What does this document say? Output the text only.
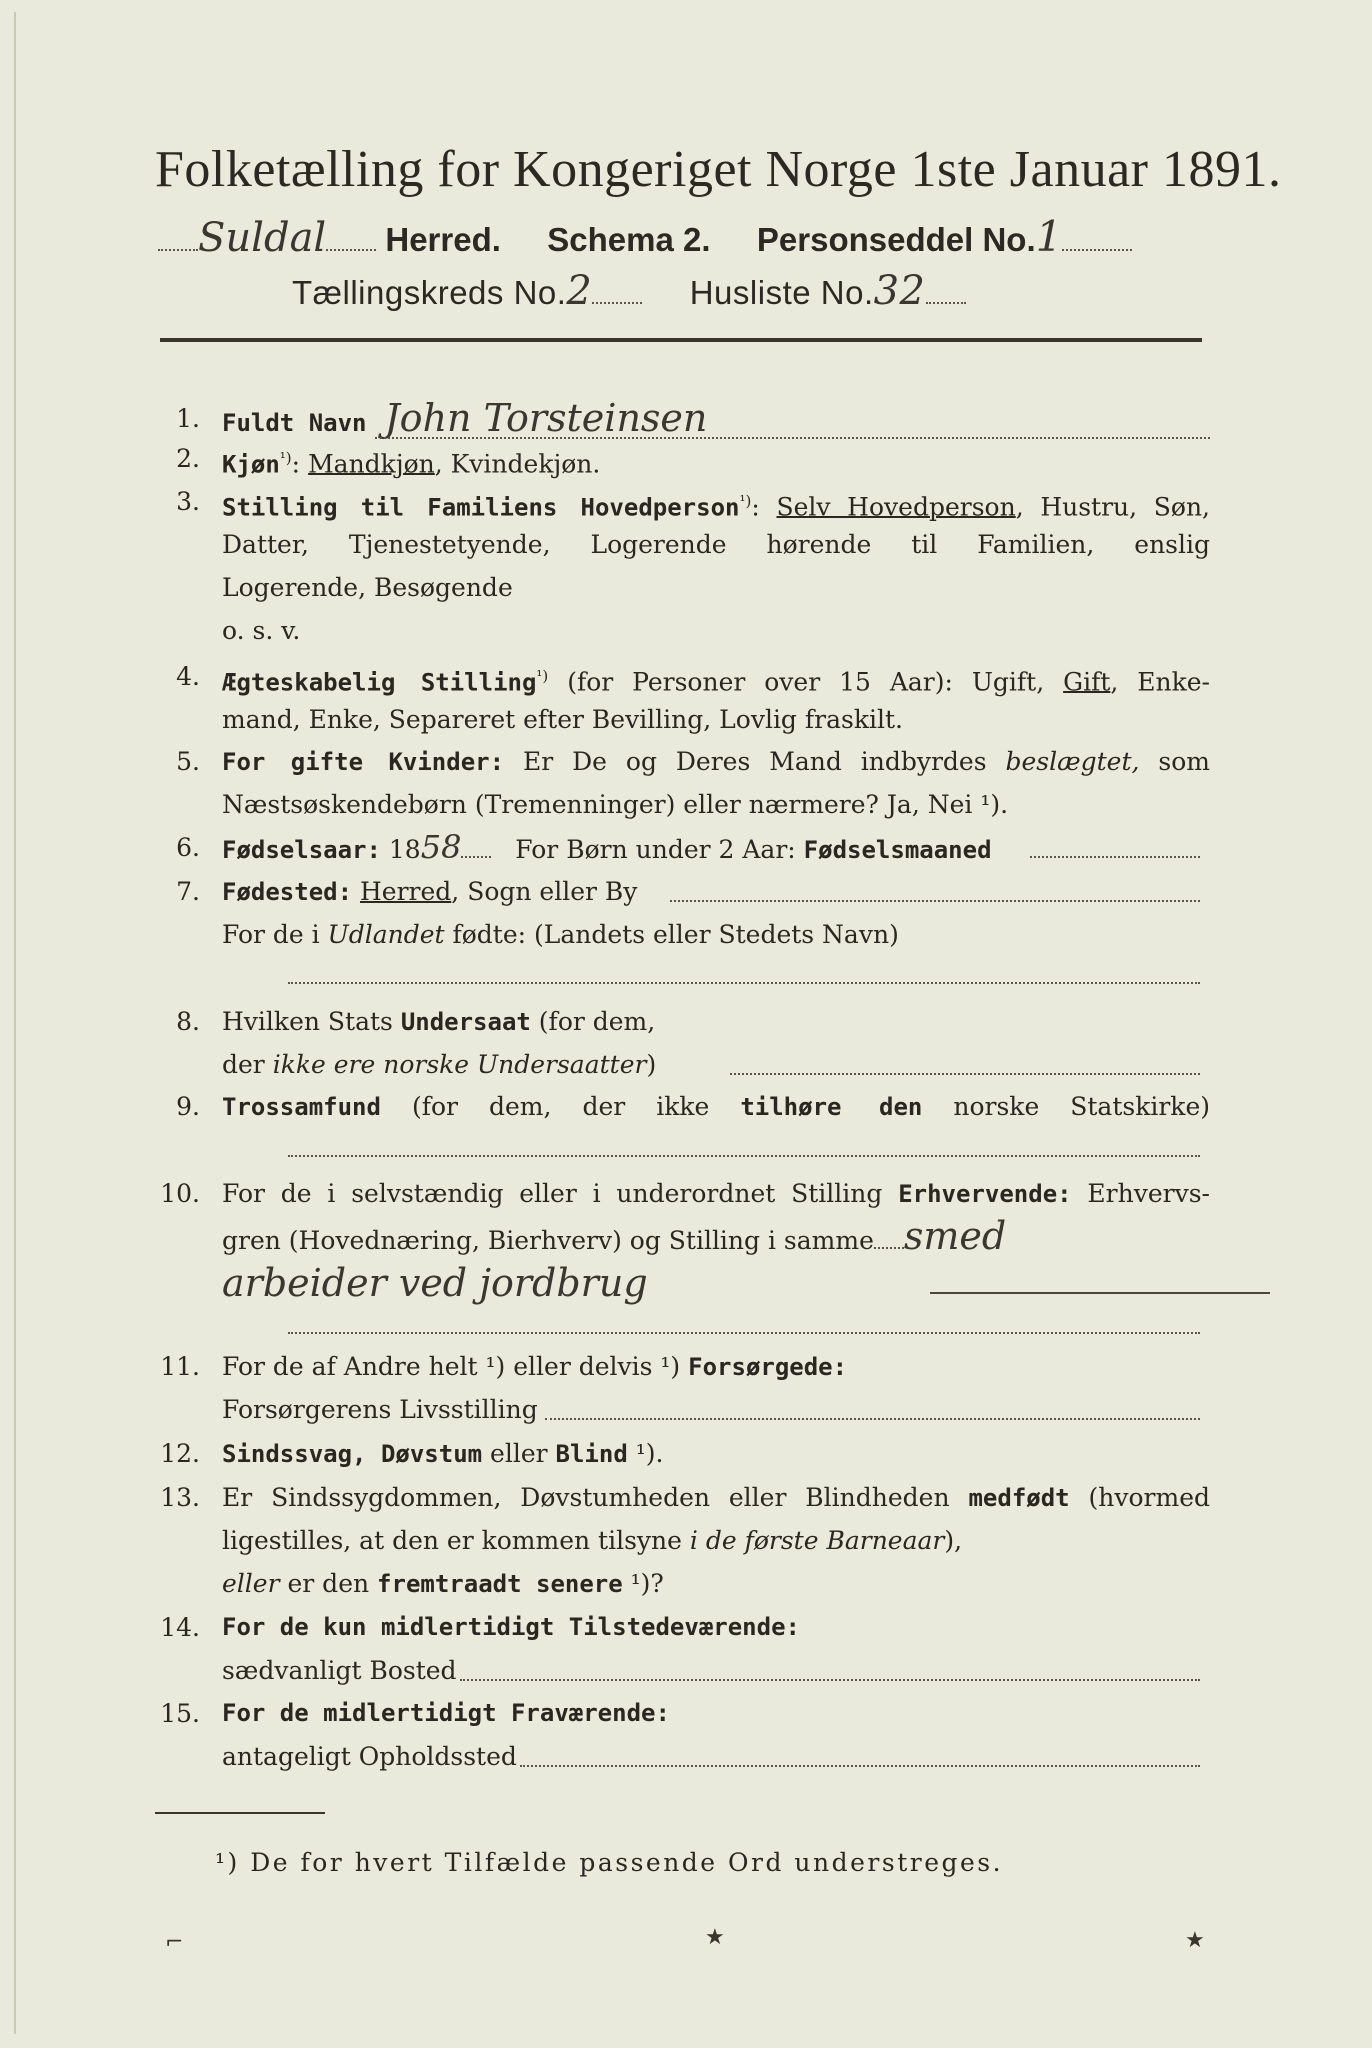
Folketælling for Kongeriget Norge 1ste Januar 1891.
Suldal Herred. Schema 2. Personseddel No.1
Tællingskreds No.2	Husliste No.32
1. Fuldt Navn John Torsteinsen
2. Kjøn$^{^1)}$: Mandkjøn, Kvindekjøn.
3. Stilling til Familiens Hovedperson$^{^1)}$: Selv Hovedperson, Hustru, Søn,
Datter, Tjenestetyende, Logerende hørende til Familien, enslig
Logerende, Besøgende
o. s. v.
4. Ægteskabelig Stilling$^{^1)}$ (for Personer over 15 Aar): Ugift, Gift, Enke-
mand, Enke, Separeret efter Bevilling, Lovlig fraskilt.
5. For gifte Kvinder: Er De og Deres Mand indbyrdes beslægtet, som
Næstsøskendebørn (Tremenninger) eller nærmere? Ja, Nei ¹).
6. Fødselsaar: 1858 For Børn under 2 Aar: Fødselsmaaned
7. Fødested: Herred, Sogn eller By
For de i Udlandet fødte: (Landets eller Stedets Navn)
8. Hvilken Stats Undersaat (for dem,
der ikke ere norske Undersaatter)
9. Trossamfund (for dem, der ikke tilhøre den norske Statskirke)
10. For de i selvstændig eller i underordnet Stilling Erhvervende: Erhvervs-
gren (Hovednæring, Bierhverv) og Stilling i samme smed
arbeider ved jordbrug
11. For de af Andre helt ¹) eller delvis ¹) Forsørgede:
Forsørgerens Livsstilling
12. Sindssvag, Døvstum eller Blind ¹).
13. Er Sindssygdommen, Døvstumheden eller Blindheden medfødt (hvormed
ligestilles, at den er kommen tilsyne i de første Barneaar),
eller er den fremtraadt senere ¹)?
14. For de kun midlertidigt Tilstedeværende:
sædvanligt Bosted
15. For de midlertidigt Fraværende:
antageligt Opholdssted
¹) De for hvert Tilfælde passende Ord understreges.
⌐	★	★
